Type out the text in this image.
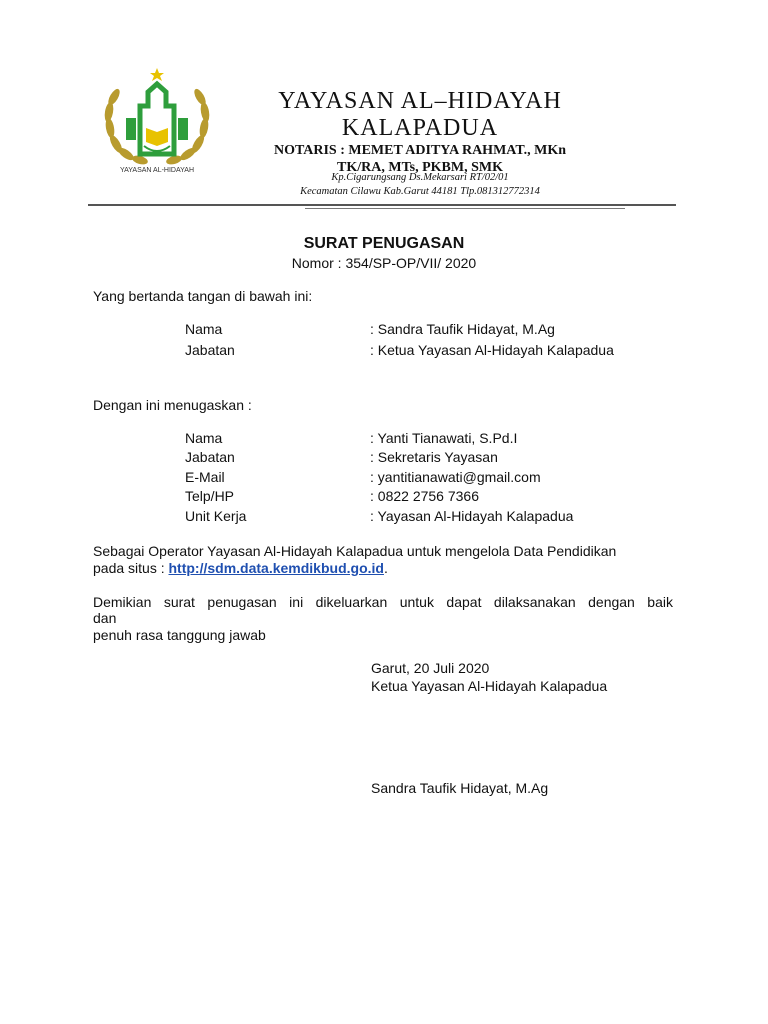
YAYASAN AL-HIDAYAH
YAYASAN AL–HIDAYAH
KALAPADUA
NOTARIS : MEMET ADITYA RAHMAT., MKn
TK/RA, MTs, PKBM, SMK
Kp.Cigarungsang Ds.Mekarsari RT/02/01
Kecamatan Cilawu Kab.Garut 44181 Tlp.081312772314
SURAT PENUGASAN
Nomor : 354/SP-OP/VII/ 2020
Yang bertanda tangan di bawah ini:
Nama	: Sandra Taufik Hidayat, M.Ag
Jabatan	: Ketua Yayasan Al-Hidayah Kalapadua
Dengan ini menugaskan :
Nama	: Yanti Tianawati, S.Pd.I
Jabatan	: Sekretaris Yayasan
E-Mail	: yantitianawati@gmail.com
Telp/HP	: 0822 2756 7366
Unit Kerja	: Yayasan Al-Hidayah Kalapadua
Sebagai Operator Yayasan Al-Hidayah Kalapadua untuk mengelola Data Pendidikan
pada situs : http://sdm.data.kemdikbud.go.id.
Demikian surat penugasan ini dikeluarkan untuk dapat dilaksanakan dengan baik
dan
penuh rasa tanggung jawab
Garut, 20 Juli 2020
Ketua Yayasan Al-Hidayah Kalapadua
Sandra Taufik Hidayat, M.Ag
